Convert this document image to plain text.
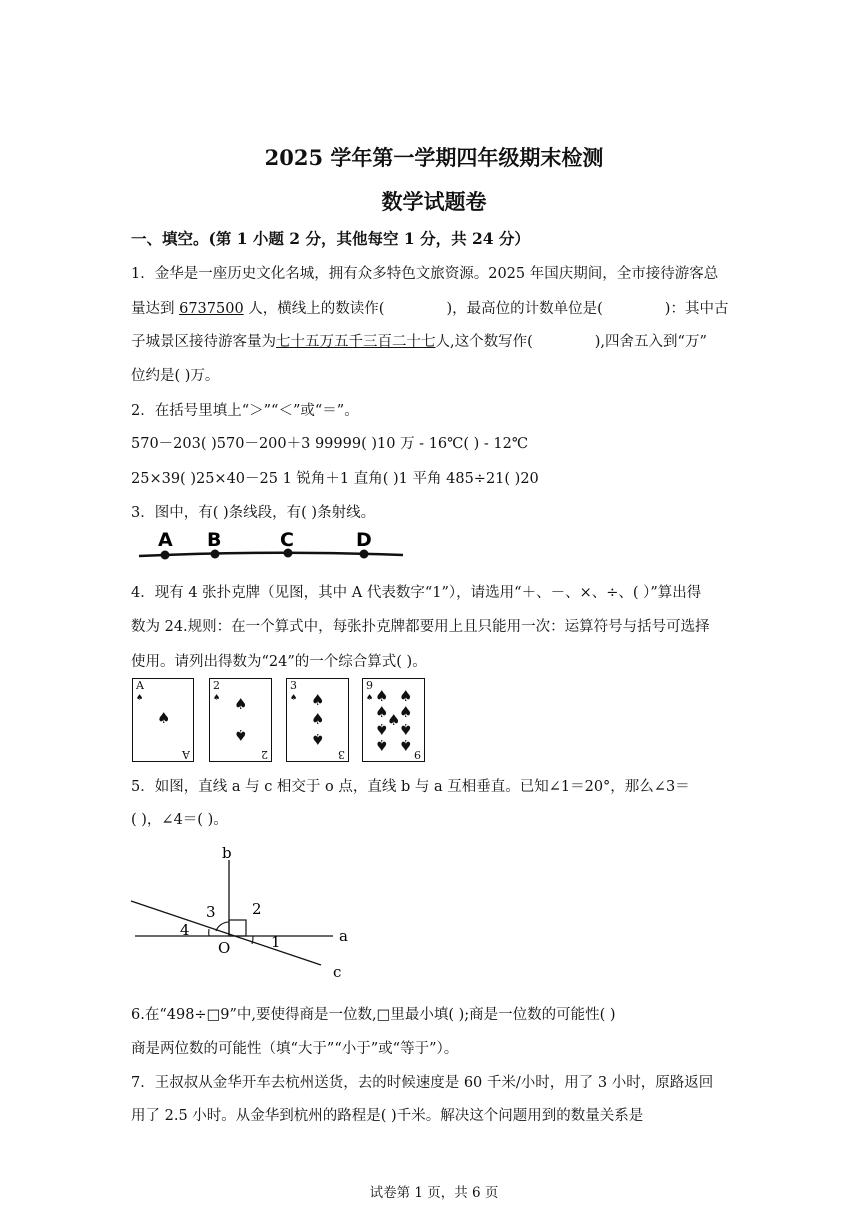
2025 学年第一学期四年级期末检测
数学试题卷
一、填空。(第 1 小题 2 分，其他每空 1 分，共 24 分）
1．金华是一座历史文化名城，拥有众多特色文旅资源。2025 年国庆期间，全市接待游客总
量达到 6737500 人，横线上的数读作(	)，最高位的计数单位是(	)：其中古
子城景区接待游客量为七十五万五千三百二十七人,这个数写作(	),四舍五入到“万”
位约是( )万。
2．在括号里填上“＞”“＜”或“＝”。
570－203( )570－200＋3 99999( )10 万 - 16℃( ) - 12℃
25×39( )25×40－25 1 锐角＋1 直角( )1 平角 485÷21( )20
3．图中，有( )条线段，有( )条射线。
A B	C	D
4．现有 4 张扑克牌（见图，其中 A 代表数字“1”），请选用“＋、－、×、÷、( ）”算出得
数为 24.规则：在一个算式中，每张扑克牌都要用上且只能用一次：运算符号与括号可选择
使用。请列出得数为“24”的一个综合算式( )。
A
♠
♠
A
2
♠ ♠
♠
2
3
♠ ♠
♠
♠
3
9
♠ ♠ ♠
♠ ♠
♠
♠ ♠
♠ ♠
9
5．如图，直线 a 与 c 相交于 o 点，直线 b 与 a 互相垂直。已知∠1＝20°，那么∠3＝
( )，∠4＝( )。
b
a
c
O	1
2
3
4
6.在“498÷□9”中,要使得商是一位数,□里最小填( );商是一位数的可能性( )
商是两位数的可能性（填“大于”“小于”或“等于”）。
7．王叔叔从金华开车去杭州送货，去的时候速度是 60 千米/小时，用了 3 小时，原路返回
用了 2.5 小时。从金华到杭州的路程是( )千米。解决这个问题用到的数量关系是
试卷第 1 页，共 6 页
